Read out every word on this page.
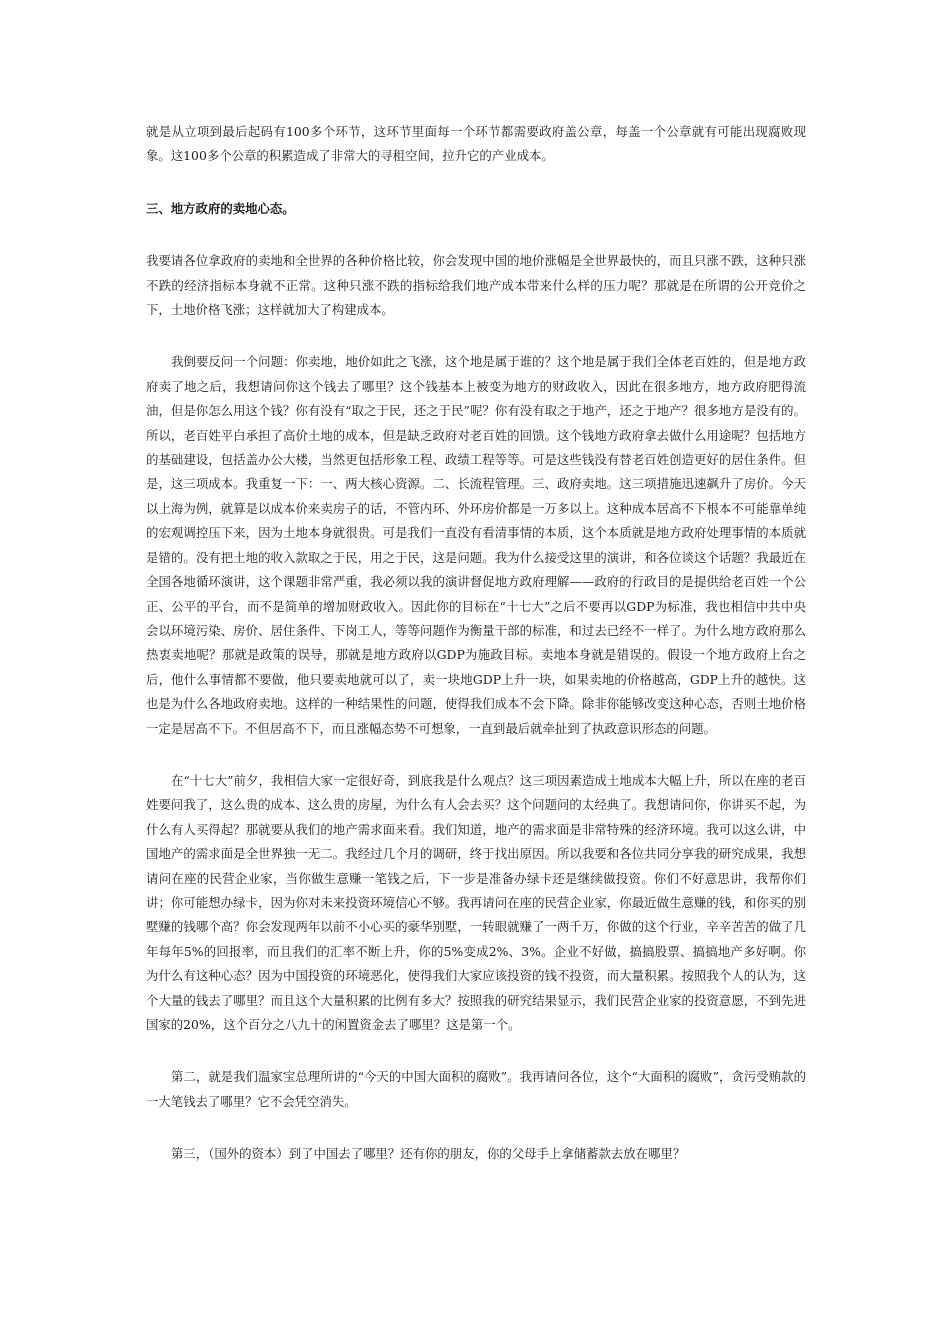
就是从立项到最后起码有100多个环节，这环节里面每一个环节都需要政府盖公章，每盖一个公章就有可能出现腐败现象。这100多个公章的积累造成了非常大的寻租空间，拉升它的产业成本。

三、地方政府的卖地心态。

我要请各位拿政府的卖地和全世界的各种价格比较，你会发现中国的地价涨幅是全世界最快的，而且只涨不跌，这种只涨不跌的经济指标本身就不正常。这种只涨不跌的指标给我们地产成本带来什么样的压力呢？那就是在所谓的公开竞价之下，土地价格飞涨；这样就加大了构建成本。

我倒要反问一个问题：你卖地，地价如此之飞涨，这个地是属于谁的？这个地是属于我们全体老百姓的，但是地方政府卖了地之后，我想请问你这个钱去了哪里？这个钱基本上被变为地方的财政收入，因此在很多地方，地方政府肥得流油，但是你怎么用这个钱？你有没有“取之于民，还之于民”呢？你有没有取之于地产，还之于地产？很多地方是没有的。所以，老百姓平白承担了高价土地的成本，但是缺乏政府对老百姓的回馈。这个钱地方政府拿去做什么用途呢？包括地方的基础建设，包括盖办公大楼，当然更包括形象工程、政绩工程等等。可是这些钱没有替老百姓创造更好的居住条件。但是，这三项成本。我重复一下：一、两大核心资源。二、长流程管理。三、政府卖地。这三项措施迅速飙升了房价。今天以上海为例，就算是以成本价来卖房子的话，不管内环、外环房价都是一万多以上。这种成本居高不下根本不可能靠单纯的宏观调控压下来，因为土地本身就很贵。可是我们一直没有看清事情的本质，这个本质就是地方政府处理事情的本质就是错的。没有把土地的收入款取之于民，用之于民，这是问题。我为什么接受这里的演讲，和各位谈这个话题？我最近在全国各地循环演讲，这个课题非常严重，我必须以我的演讲督促地方政府理解——政府的行政目的是提供给老百姓一个公正、公平的平台，而不是简单的增加财政收入。因此你的目标在“十七大”之后不要再以GDP为标准，我也相信中共中央会以环境污染、房价、居住条件、下岗工人，等等问题作为衡量干部的标准，和过去已经不一样了。为什么地方政府那么热衷卖地呢？那就是政策的误导，那就是地方政府以GDP为施政目标。卖地本身就是错误的。假设一个地方政府上台之后，他什么事情都不要做，他只要卖地就可以了，卖一块地GDP上升一块，如果卖地的价格越高，GDP上升的越快。这也是为什么各地政府卖地。这样的一种结果性的问题，使得我们成本不会下降。除非你能够改变这种心态，否则土地价格一定是居高不下。不但居高不下，而且涨幅态势不可想象，一直到最后就牵扯到了执政意识形态的问题。

在“十七大”前夕，我相信大家一定很好奇，到底我是什么观点？这三项因素造成土地成本大幅上升，所以在座的老百姓要问我了，这么贵的成本、这么贵的房屋，为什么有人会去买？这个问题问的太经典了。我想请问你，你讲买不起，为什么有人买得起？那就要从我们的地产需求面来看。我们知道，地产的需求面是非常特殊的经济环境。我可以这么讲，中国地产的需求面是全世界独一无二。我经过几个月的调研，终于找出原因。所以我要和各位共同分享我的研究成果，我想请问在座的民营企业家，当你做生意赚一笔钱之后，下一步是准备办绿卡还是继续做投资。你们不好意思讲，我帮你们讲；你可能想办绿卡，因为你对未来投资环境信心不够。我再请问在座的民营企业家，你最近做生意赚的钱，和你买的别墅赚的钱哪个高？你会发现两年以前不小心买的豪华别墅，一转眼就赚了一两千万，你做的这个行业，辛辛苦苦的做了几年每年5%的回报率，而且我们的汇率不断上升，你的5%变成2%、3%。企业不好做，搞搞股票、搞搞地产多好啊。你为什么有这种心态？因为中国投资的环境恶化，使得我们大家应该投资的钱不投资，而大量积累。按照我个人的认为，这个大量的钱去了哪里？而且这个大量积累的比例有多大？按照我的研究结果显示，我们民营企业家的投资意愿，不到先进国家的20%，这个百分之八九十的闲置资金去了哪里？这是第一个。

第二，就是我们温家宝总理所讲的“今天的中国大面积的腐败”。我再请问各位，这个“大面积的腐败”，贪污受贿款的一大笔钱去了哪里？它不会凭空消失。

第三，（国外的资本）到了中国去了哪里？还有你的朋友，你的父母手上拿储蓄款去放在哪里？
